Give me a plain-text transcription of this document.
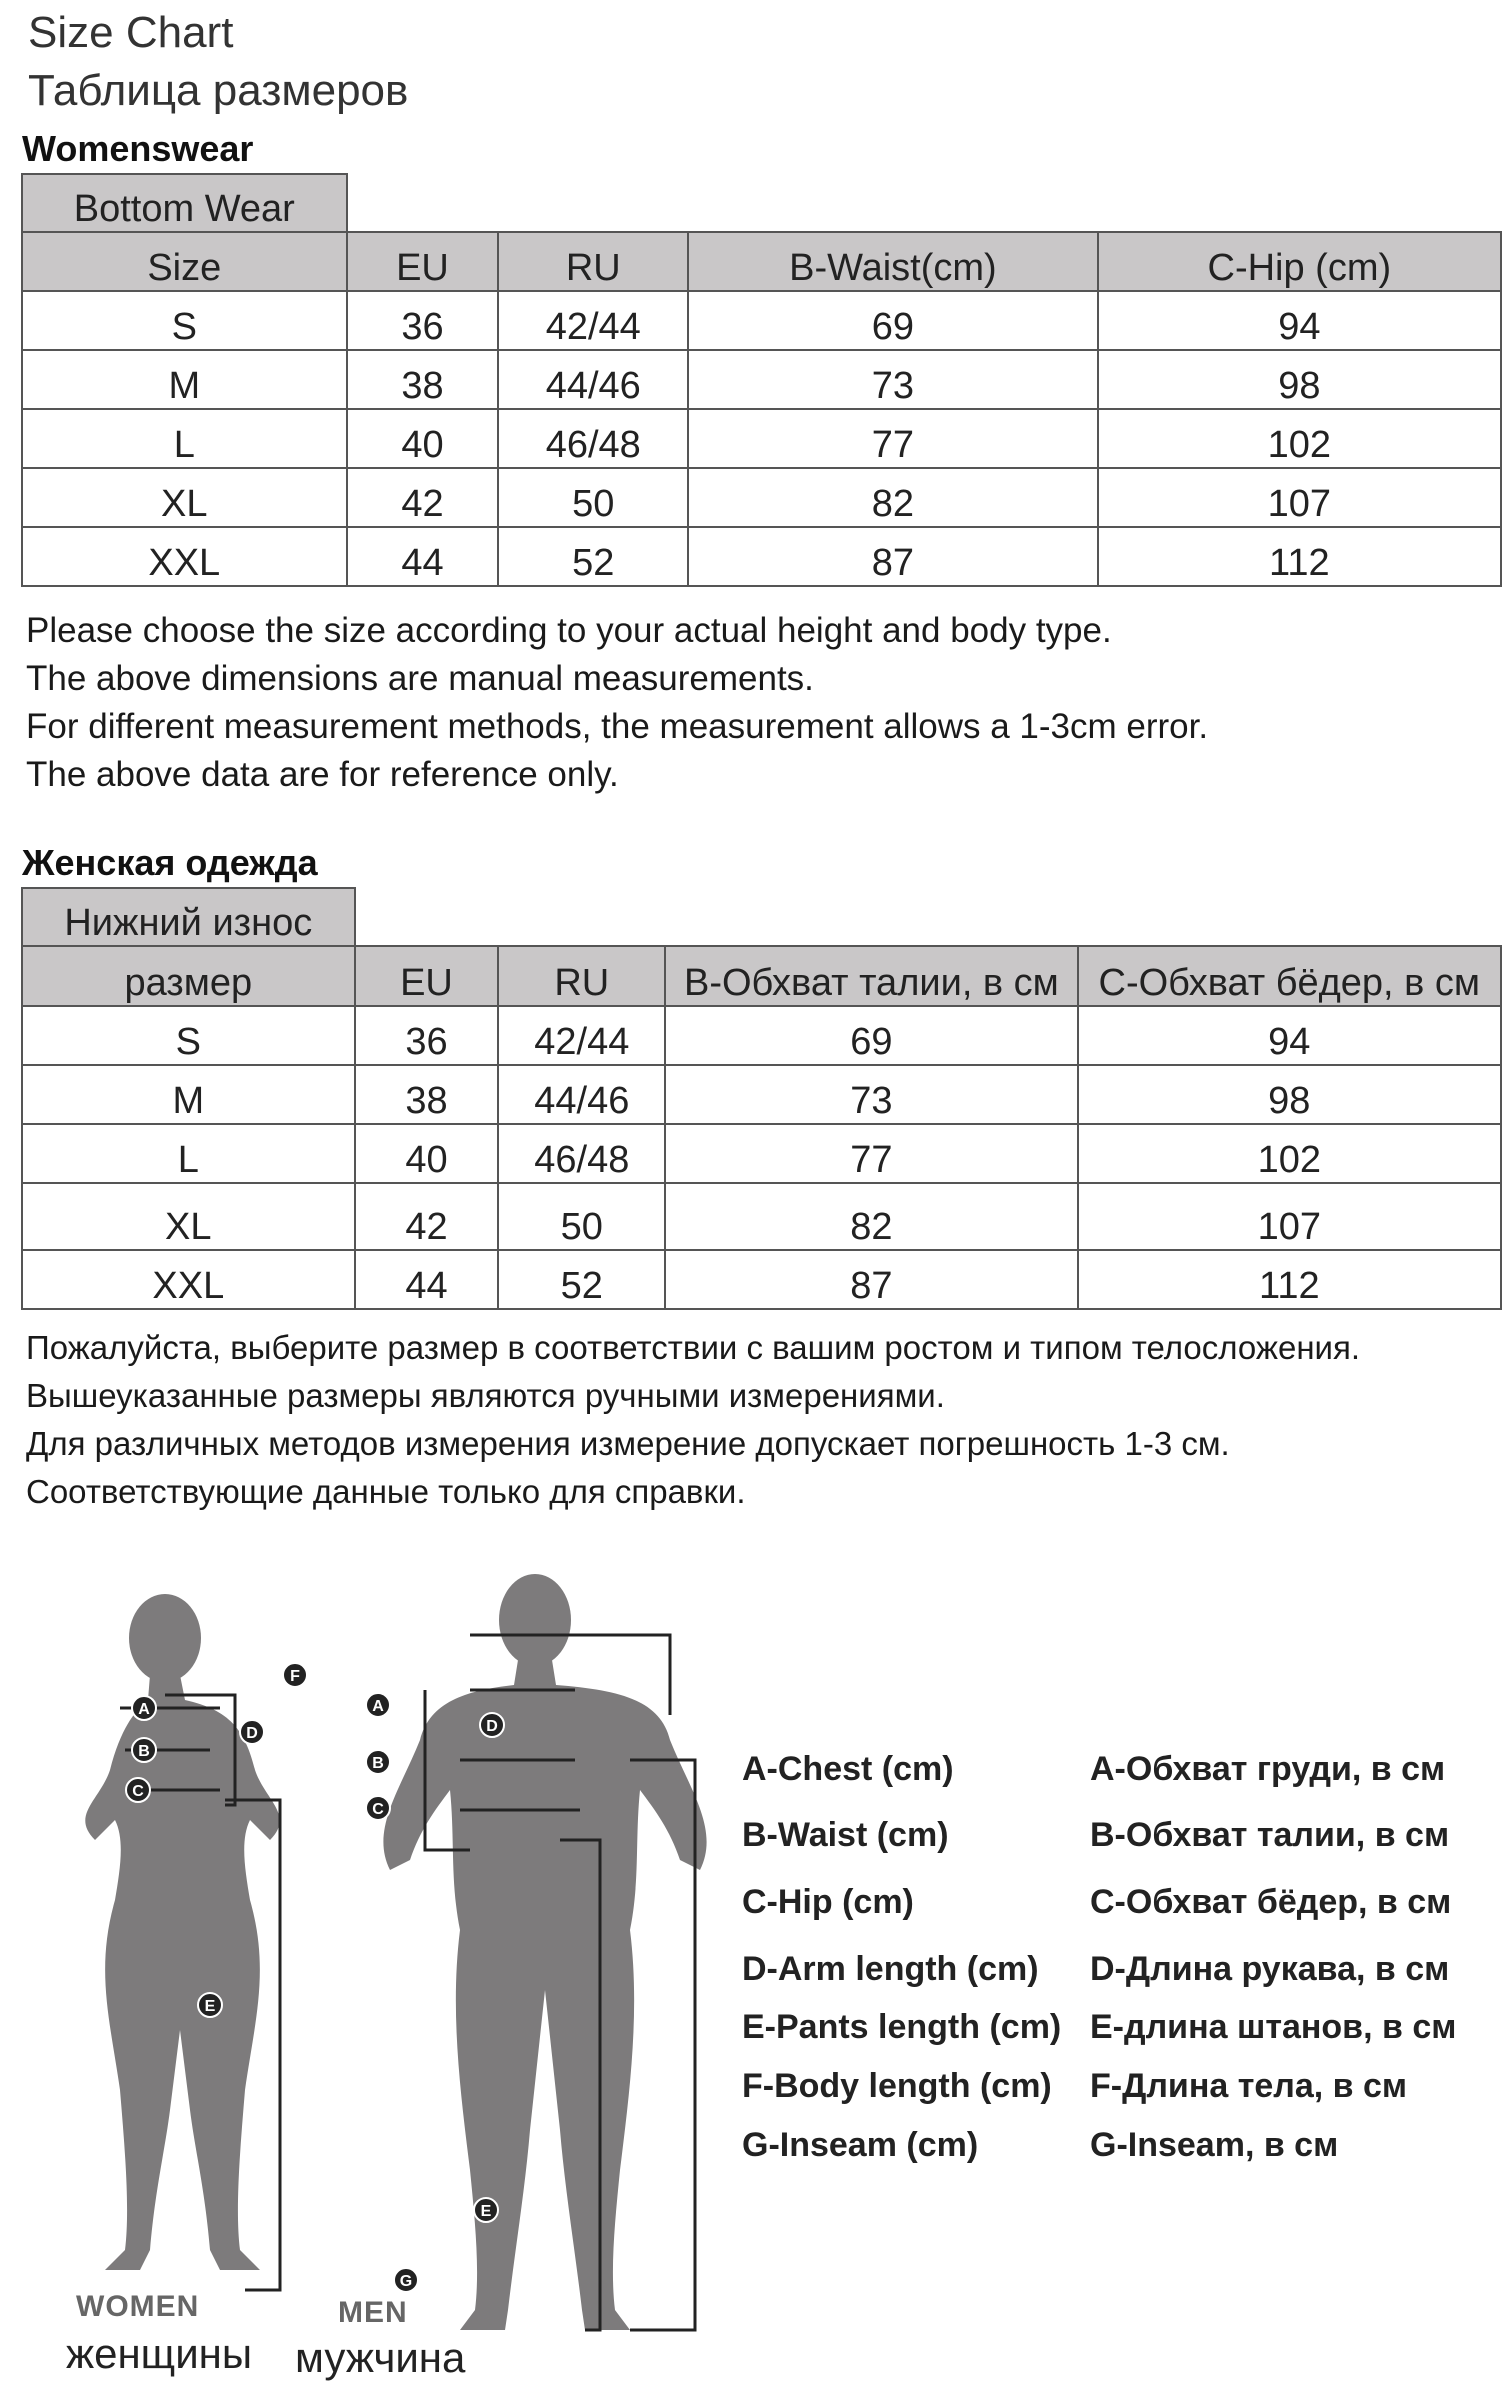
Size Chart
Таблица размеров
Womenswear
Bottom Wear				
Size	EU	RU	B-Waist(cm)	C-Hip (cm)
S	36	42/44	69	94
M	38	44/46	73	98
L	40	46/48	77	102
XL	42	50	82	107
XXL	44	52	87	112
Please choose the size according to your actual height and body type.
The above dimensions are manual measurements.
For different measurement methods, the measurement allows a 1-3cm error.
The above data are for reference only.
Женская одежда
Нижний износ				
размер	EU	RU	B-Обхват талии, в см	C-Обхват бёдер, в см
S	36	42/44	69	94
M	38	44/46	73	98
L	40	46/48	77	102
XL	42	50	82	107
XXL	44	52	87	112
Пожалуйста, выберите размер в соответствии с вашим ростом и типом телосложения.
Вышеуказанные размеры являются ручными измерениями.
Для различных методов измерения измерение допускает погрешность 1-3 см.
Соответствующие данные только для справки.
A
B
C
D
E
F
A
B
C
D
E
G
WOMEN
женщины
MEN
мужчина
A-Chest (cm)
B-Waist (cm)
C-Hip (cm)
D-Arm length (cm)
E-Pants length (cm)
F-Body length (cm)
G-Inseam (cm)
A-Обхват груди, в см
B-Обхват талии, в см
C-Обхват бёдер, в см
D-Длина рукава, в см
E-длина штанов, в см
F-Длина тела, в см
G-Inseam, в см
